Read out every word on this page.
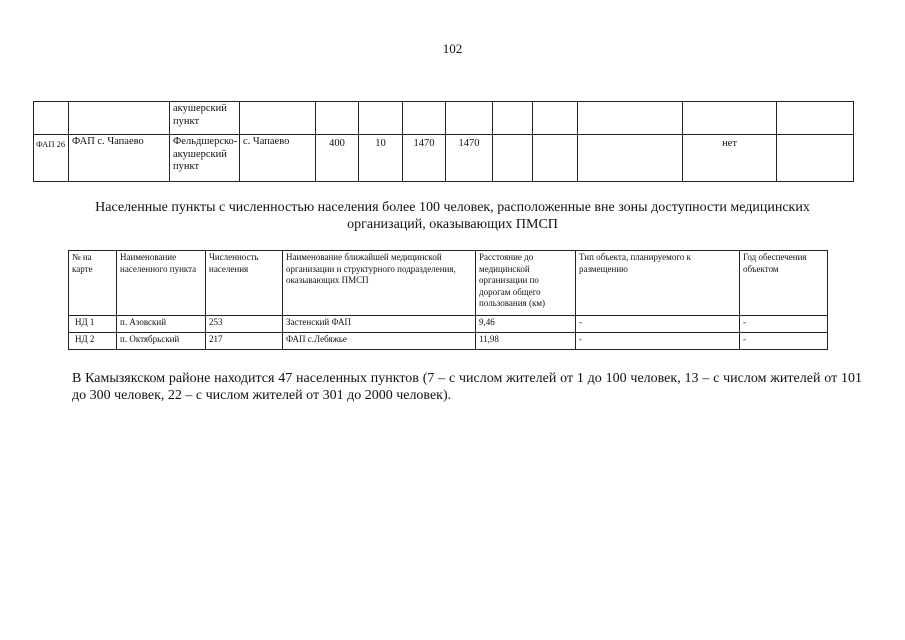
102
		акушерский пункт										
ФАП 26	ФАП с. Чапаево	Фельдшерско-акушерский пункт	с. Чапаево	400	10	1470	1470				нет	
Населенные пункты с численностью населения более 100 человек, расположенные вне зоны доступности медицинских организаций, оказывающих ПМСП
№ на карте	Наименование населенного пункта	Численность населения	Наименование ближайшей медицинской организации и структурного подразделения, оказывающих ПМСП	Расстояние до медицинской организации по дорогам общего пользования (км)	Тип объекта, планируемого к размещению	Год обеспечения объектом
НД 1	п. Азовский	253	Застенский ФАП	9,46	-	-
НД 2	п. Октябрьский	217	ФАП с.Лебяжье	11,98	-	-
В Камызякском районе находится 47 населенных пунктов (7 – с числом жителей от 1 до 100 человек, 13 – с числом жителей от 101 до 300 человек, 22 – с числом жителей от 301 до 2000 человек).
